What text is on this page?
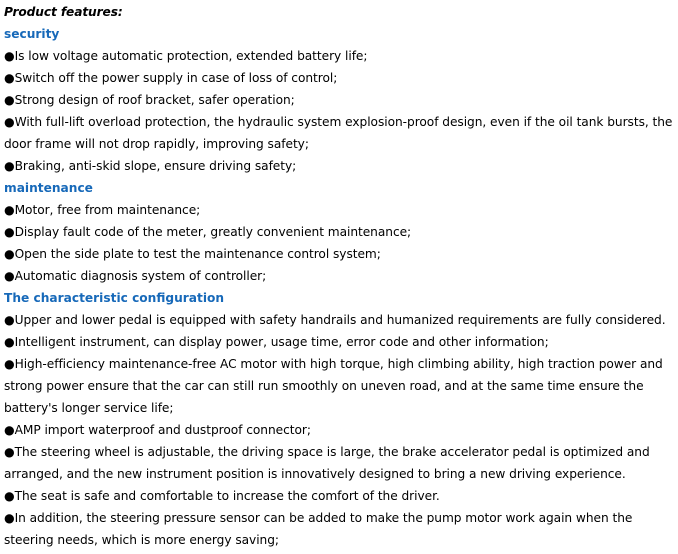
Product features:
security
●Is low voltage automatic protection, extended battery life;
●Switch off the power supply in case of loss of control;
●Strong design of roof bracket, safer operation;
●With full-lift overload protection, the hydraulic system explosion-proof design, even if the oil tank bursts, the door frame will not drop rapidly, improving safety;
●Braking, anti-skid slope, ensure driving safety;
maintenance
●Motor, free from maintenance;
●Display fault code of the meter, greatly convenient maintenance;
●Open the side plate to test the maintenance control system;
●Automatic diagnosis system of controller;
The characteristic configuration
●Upper and lower pedal is equipped with safety handrails and humanized requirements are fully considered.
●Intelligent instrument, can display power, usage time, error code and other information;
●High-efficiency maintenance-free AC motor with high torque, high climbing ability, high traction power and strong power ensure that the car can still run smoothly on uneven road, and at the same time ensure the battery's longer service life;
●AMP import waterproof and dustproof connector;
●The steering wheel is adjustable, the driving space is large, the brake accelerator pedal is optimized and arranged, and the new instrument position is innovatively designed to bring a new driving experience.
●The seat is safe and comfortable to increase the comfort of the driver.
●In addition, the steering pressure sensor can be added to make the pump motor work again when the steering needs, which is more energy saving;
